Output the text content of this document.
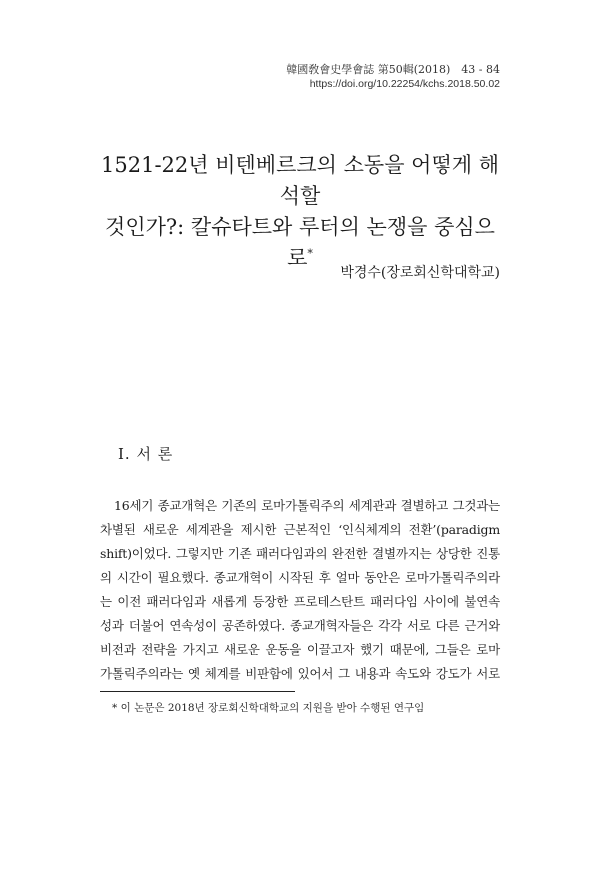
韓國敎會史學會誌 第50輯(2018)　43 - 84
https://doi.org/10.22254/kchs.2018.50.02
1521-22년 비텐베르크의 소동을 어떻게 해석할
것인가?: 칼슈타트와 루터의 논쟁을 중심으로*
박경수(장로회신학대학교)
I. 서 론
16세기 종교개혁은 기존의 로마가톨릭주의 세계관과 결별하고 그것과는
차별된 새로운 세계관을 제시한 근본적인 ‘인식체계의 전환’(paradigm
shift)이었다. 그렇지만 기존 패러다임과의 완전한 결별까지는 상당한 진통
의 시간이 필요했다. 종교개혁이 시작된 후 얼마 동안은 로마가톨릭주의라
는 이전 패러다임과 새롭게 등장한 프로테스탄트 패러다임 사이에 불연속
성과 더불어 연속성이 공존하였다. 종교개혁자들은 각각 서로 다른 근거와
비전과 전략을 가지고 새로운 운동을 이끌고자 했기 때문에, 그들은 로마
가톨릭주의라는 옛 체계를 비판함에 있어서 그 내용과 속도와 강도가 서로
* 이 논문은 2018년 장로회신학대학교의 지원을 받아 수행된 연구임
